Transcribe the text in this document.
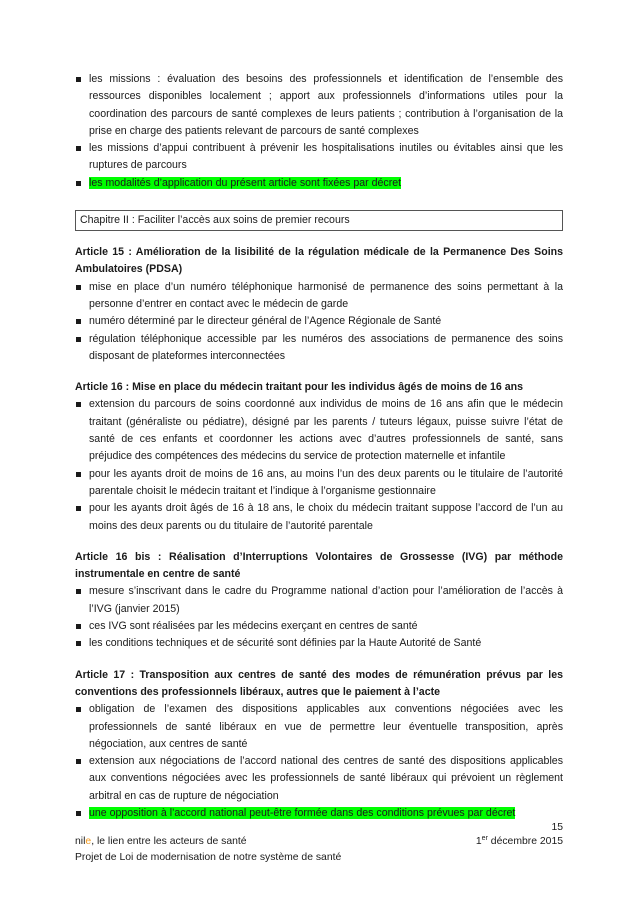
les missions : évaluation des besoins des professionnels et identification de l’ensemble des ressources disponibles localement ; apport aux professionnels d’informations utiles pour la coordination des parcours de santé complexes de leurs patients ; contribution à l’organisation de la prise en charge des patients relevant de parcours de santé complexes
les missions d’appui contribuent à prévenir les hospitalisations inutiles ou évitables ainsi que les ruptures de parcours
les modalités d’application du présent article sont fixées par décret
Chapitre II : Faciliter l’accès aux soins de premier recours
Article 15 : Amélioration de la lisibilité de la régulation médicale de la Permanence Des Soins Ambulatoires (PDSA)
mise en place d’un numéro téléphonique harmonisé de permanence des soins permettant à la personne d’entrer en contact avec le médecin de garde
numéro déterminé par le directeur général de l’Agence Régionale de Santé
régulation téléphonique accessible par les numéros des associations de permanence des soins disposant de plateformes interconnectées
Article 16 : Mise en place du médecin traitant pour les individus âgés de moins de 16 ans
extension du parcours de soins coordonné aux individus de moins de 16 ans afin que le médecin traitant (généraliste ou pédiatre), désigné par les parents / tuteurs légaux, puisse suivre l’état de santé de ces enfants et coordonner les actions avec d’autres professionnels de santé, sans préjudice des compétences des médecins du service de protection maternelle et infantile
pour les ayants droit de moins de 16 ans, au moins l’un des deux parents ou le titulaire de l’autorité parentale choisit le médecin traitant et l’indique à l’organisme gestionnaire
pour les ayants droit âgés de 16 à 18 ans, le choix du médecin traitant suppose l’accord de l’un au moins des deux parents ou du titulaire de l’autorité parentale
Article 16 bis : Réalisation d’Interruptions Volontaires de Grossesse (IVG) par méthode instrumentale en centre de santé
mesure s’inscrivant dans le cadre du Programme national d’action pour l’amélioration de l’accès à l’IVG (janvier 2015)
ces IVG sont réalisées par les médecins exerçant en centres de santé
les conditions techniques et de sécurité sont définies par la Haute Autorité de Santé
Article 17 : Transposition aux centres de santé des modes de rémunération prévus par les conventions des professionnels libéraux, autres que le paiement à l’acte
obligation de l’examen des dispositions applicables aux conventions négociées avec les professionnels de santé libéraux en vue de permettre leur éventuelle transposition, après négociation, aux centres de santé
extension aux négociations de l’accord national des centres de santé des dispositions applicables aux conventions négociées avec les professionnels de santé libéraux qui prévoient un règlement arbitral en cas de rupture de négociation
une opposition à l’accord national peut-être formée dans des conditions prévues par décret
15
nile, le lien entre les acteurs de santé	1er décembre 2015
Projet de Loi de modernisation de notre système de santé
